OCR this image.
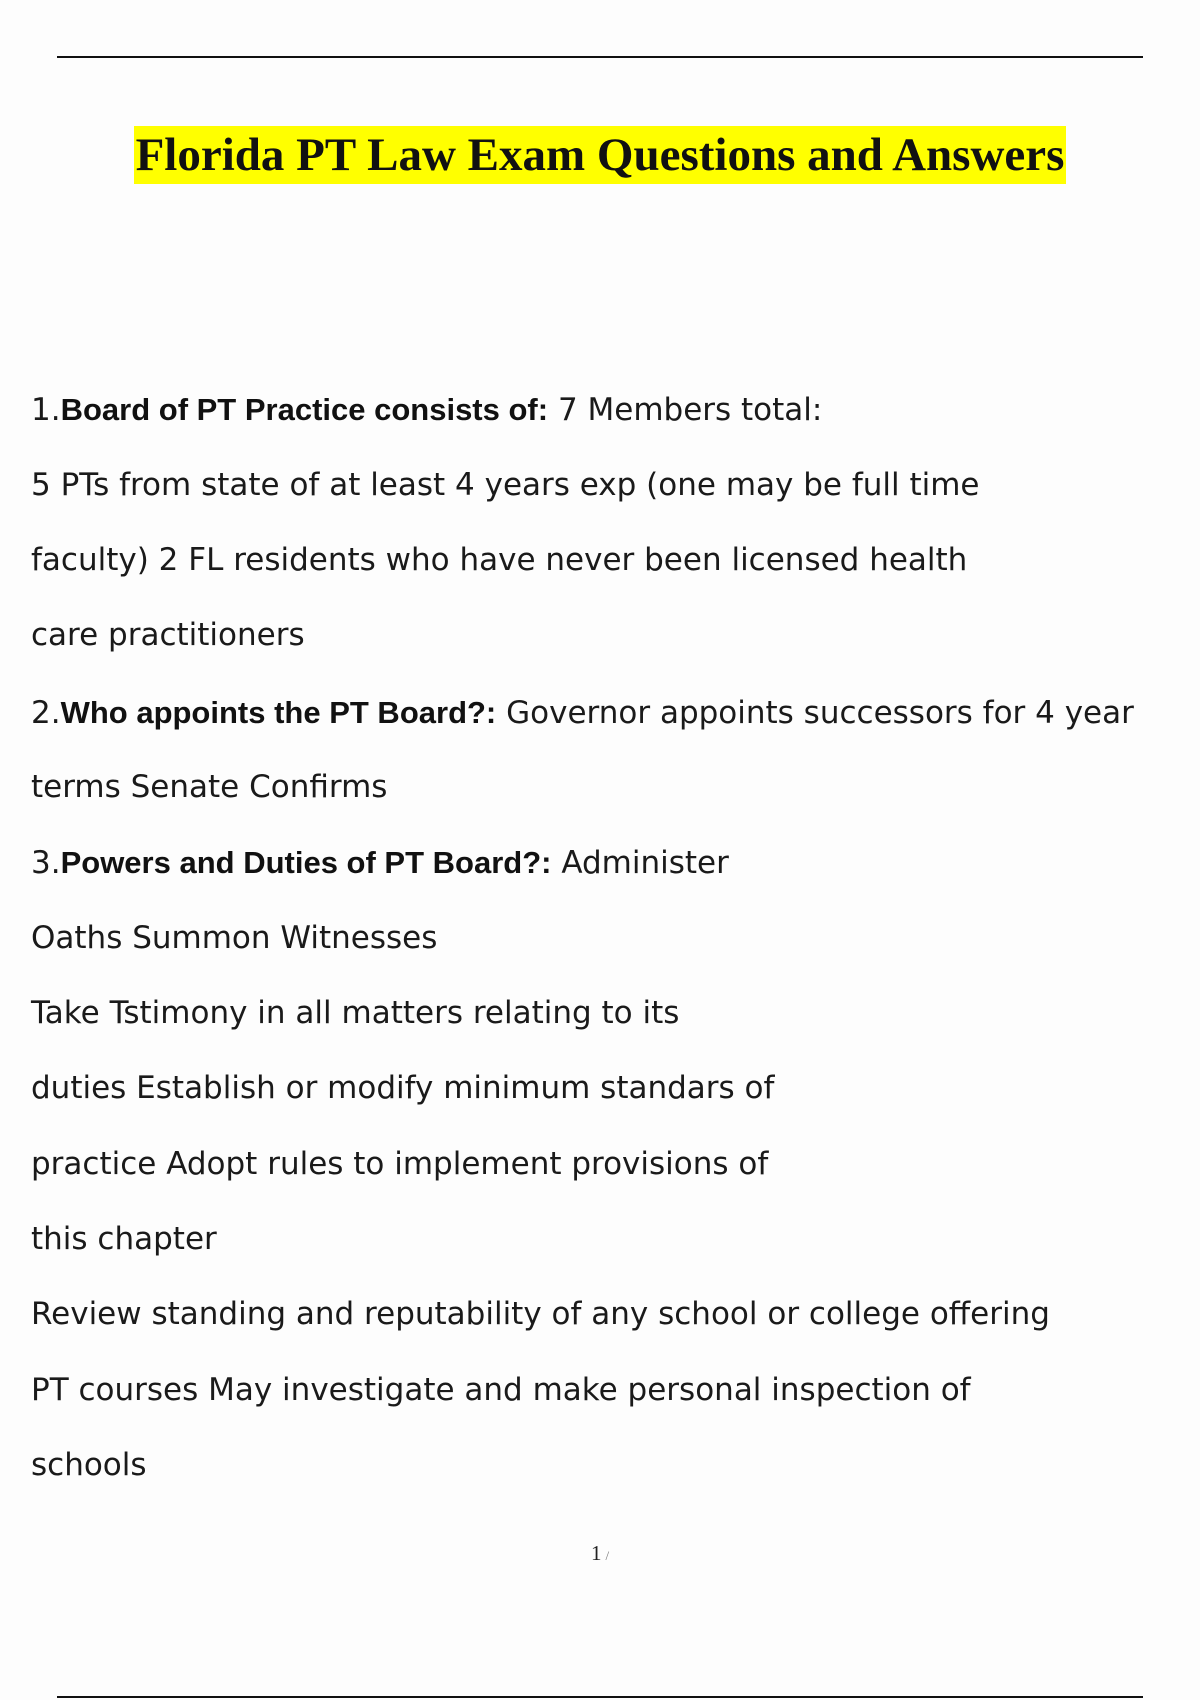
Florida PT Law Exam Questions and Answers
1.Board of PT Practice consists of: 7 Members total:
5 PTs from state of at least 4 years exp (one may be full time
faculty) 2 FL residents who have never been licensed health
care practitioners
2.Who appoints the PT Board?: Governor appoints successors for 4 year
terms Senate Confirms
3.Powers and Duties of PT Board?: Administer
Oaths Summon Witnesses
Take Tstimony in all matters relating to its
duties Establish or modify minimum standars of
practice Adopt rules to implement provisions of
this chapter
Review standing and reputability of any school or college offering
PT courses May investigate and make personal inspection of
schools
1 /
